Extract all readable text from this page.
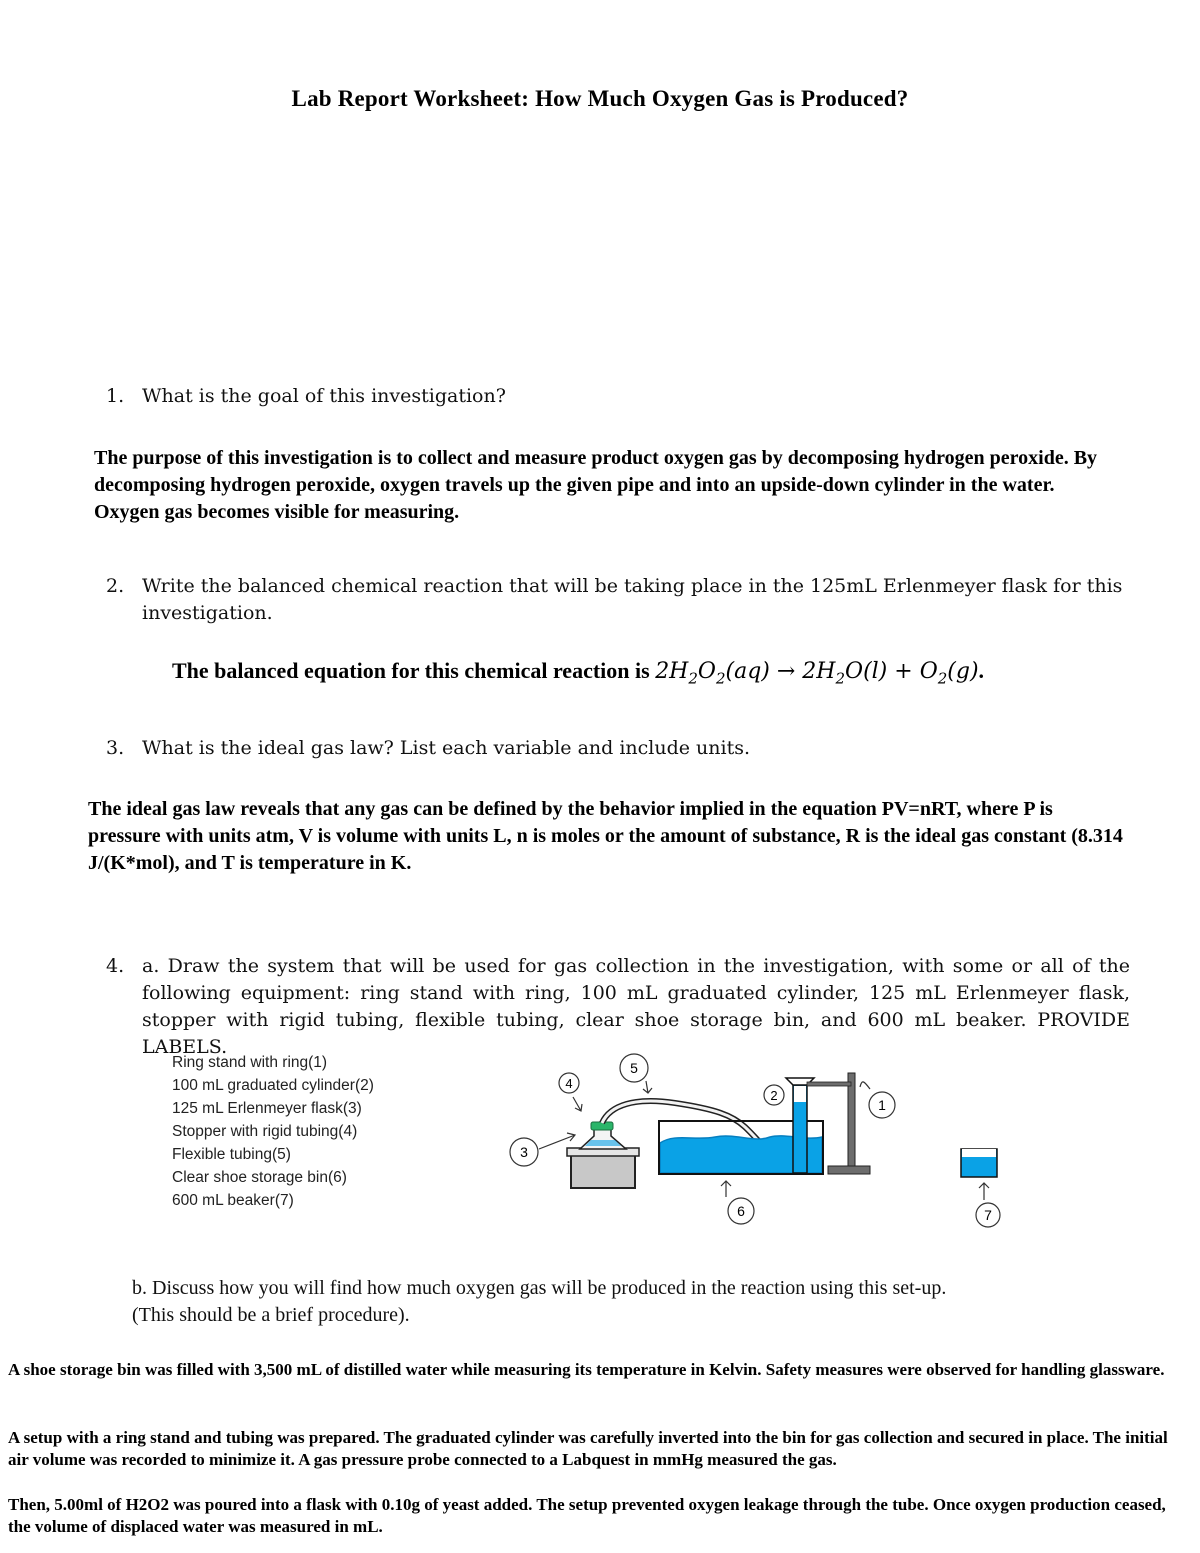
Lab Report Worksheet: How Much Oxygen Gas is Produced?
1. What is the goal of this investigation?
The purpose of this investigation is to collect and measure product oxygen gas by decomposing hydrogen peroxide. By decomposing hydrogen peroxide, oxygen travels up the given pipe and into an upside-down cylinder in the water. Oxygen gas becomes visible for measuring.
2. Write the balanced chemical reaction that will be taking place in the 125mL Erlenmeyer flask for this investigation.
The balanced equation for this chemical reaction is $2H_2O_2(aq) \to 2H_2O(l) + O_2(g)$.
3. What is the ideal gas law? List each variable and include units.
The ideal gas law reveals that any gas can be defined by the behavior implied in the equation PV=nRT, where P is pressure with units atm, V is volume with units L, n is moles or the amount of substance, R is the ideal gas constant (8.314 J/(K*mol), and T is temperature in K.
4. a. Draw the system that will be used for gas collection in the investigation, with some or all of the following equipment: ring stand with ring, 100 mL graduated cylinder, 125 mL Erlenmeyer flask, stopper with rigid tubing, flexible tubing, clear shoe storage bin, and 600 mL beaker. PROVIDE LABELS.
Ring stand with ring(1)
100 mL graduated cylinder(2)
125 mL Erlenmeyer flask(3)
Stopper with rigid tubing(4)
Flexible tubing(5)
Clear shoe storage bin(6)
600 mL beaker(7)
1
2
3
4
5
6	7
b. Discuss how you will find how much oxygen gas will be produced in the reaction using this set-up.
(This should be a brief procedure).
A shoe storage bin was filled with 3,500 mL of distilled water while measuring its temperature in Kelvin. Safety measures were observed for handling glassware.
A setup with a ring stand and tubing was prepared. The graduated cylinder was carefully inverted into the bin for gas collection and secured in place. The initial air volume was recorded to minimize it. A gas pressure probe connected to a Labquest in mmHg measured the gas.
Then, 5.00ml of H2O2 was poured into a flask with 0.10g of yeast added. The setup prevented oxygen leakage through the tube. Once oxygen production ceased, the volume of displaced water was measured in mL.
